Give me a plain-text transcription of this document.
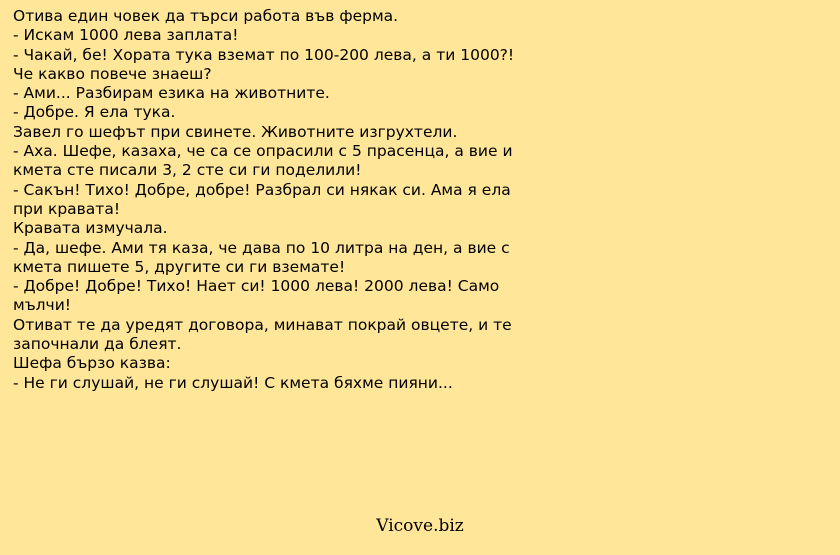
Отива един човек да търси работа във ферма.
- Искам 1000 лева заплата!
- Чакай, бе! Хората тука вземат по 100-200 лева, а ти 1000?!
Че какво повече знаеш?
- Ами... Разбирам езика на животните.
- Добре. Я ела тука.
Завел го шефът при свинете. Животните изгрухтели.
- Аха. Шефе, казаха, че са се опрасили с 5 прасенца, а вие и
кмета сте писали 3, 2 сте си ги поделили!
- Сакън! Тихо! Добре, добре! Разбрал си някак си. Ама я ела
при кравата!
Кравата измучала.
- Да, шефе. Ами тя каза, че дава по 10 литра на ден, а вие с
кмета пишете 5, другите си ги вземате!
- Добре! Добре! Тихо! Нает си! 1000 лева! 2000 лева! Само
мълчи!
Отиват те да уредят договора, минават покрай овцете, и те
започнали да блеят.
Шефа бързо казва:
- Не ги слушай, не ги слушай! С кмета бяхме пияни...
Vicove.biz
